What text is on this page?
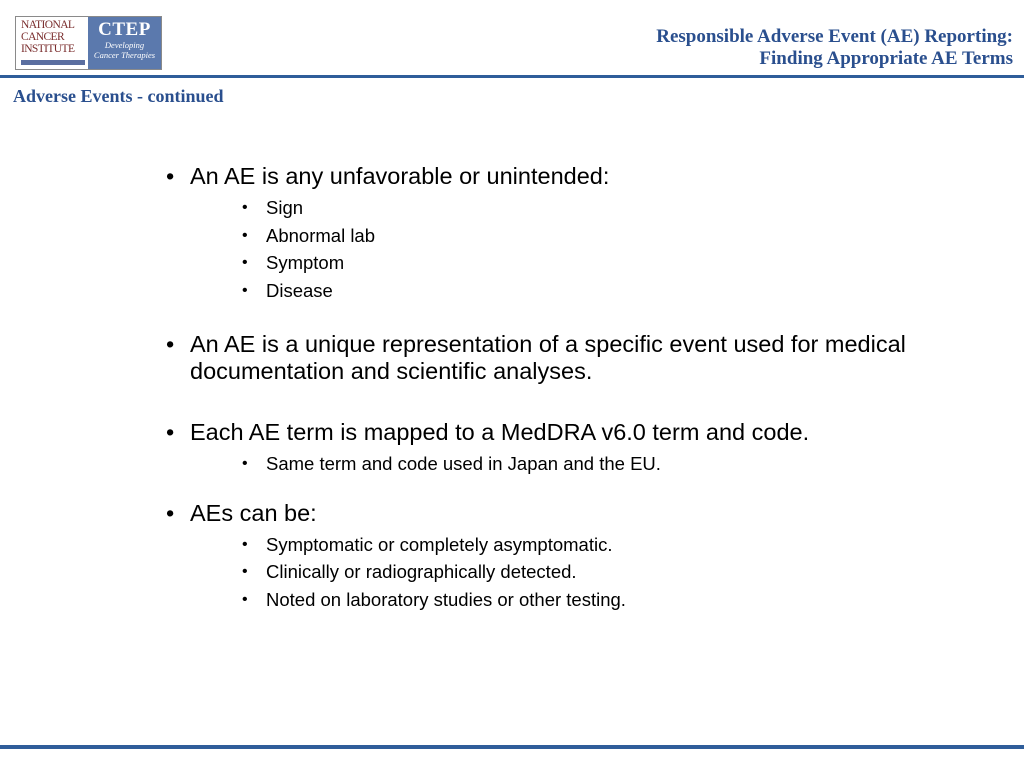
NATIONAL
CANCER
INSTITUTE
CTEP
Developing
Cancer Therapies
Responsible Adverse Event (AE) Reporting:
Finding Appropriate AE Terms
Adverse Events - continued
• An AE is any unfavorable or unintended:
• Sign
• Abnormal lab
• Symptom
• Disease
• An AE is a unique representation of a specific event used for medical documentation and scientific analyses.
• Each AE term is mapped to a MedDRA v6.0 term and code.
• Same term and code used in Japan and the EU.
• AEs can be:
• Symptomatic or completely asymptomatic.
• Clinically or radiographically detected.
• Noted on laboratory studies or other testing.
